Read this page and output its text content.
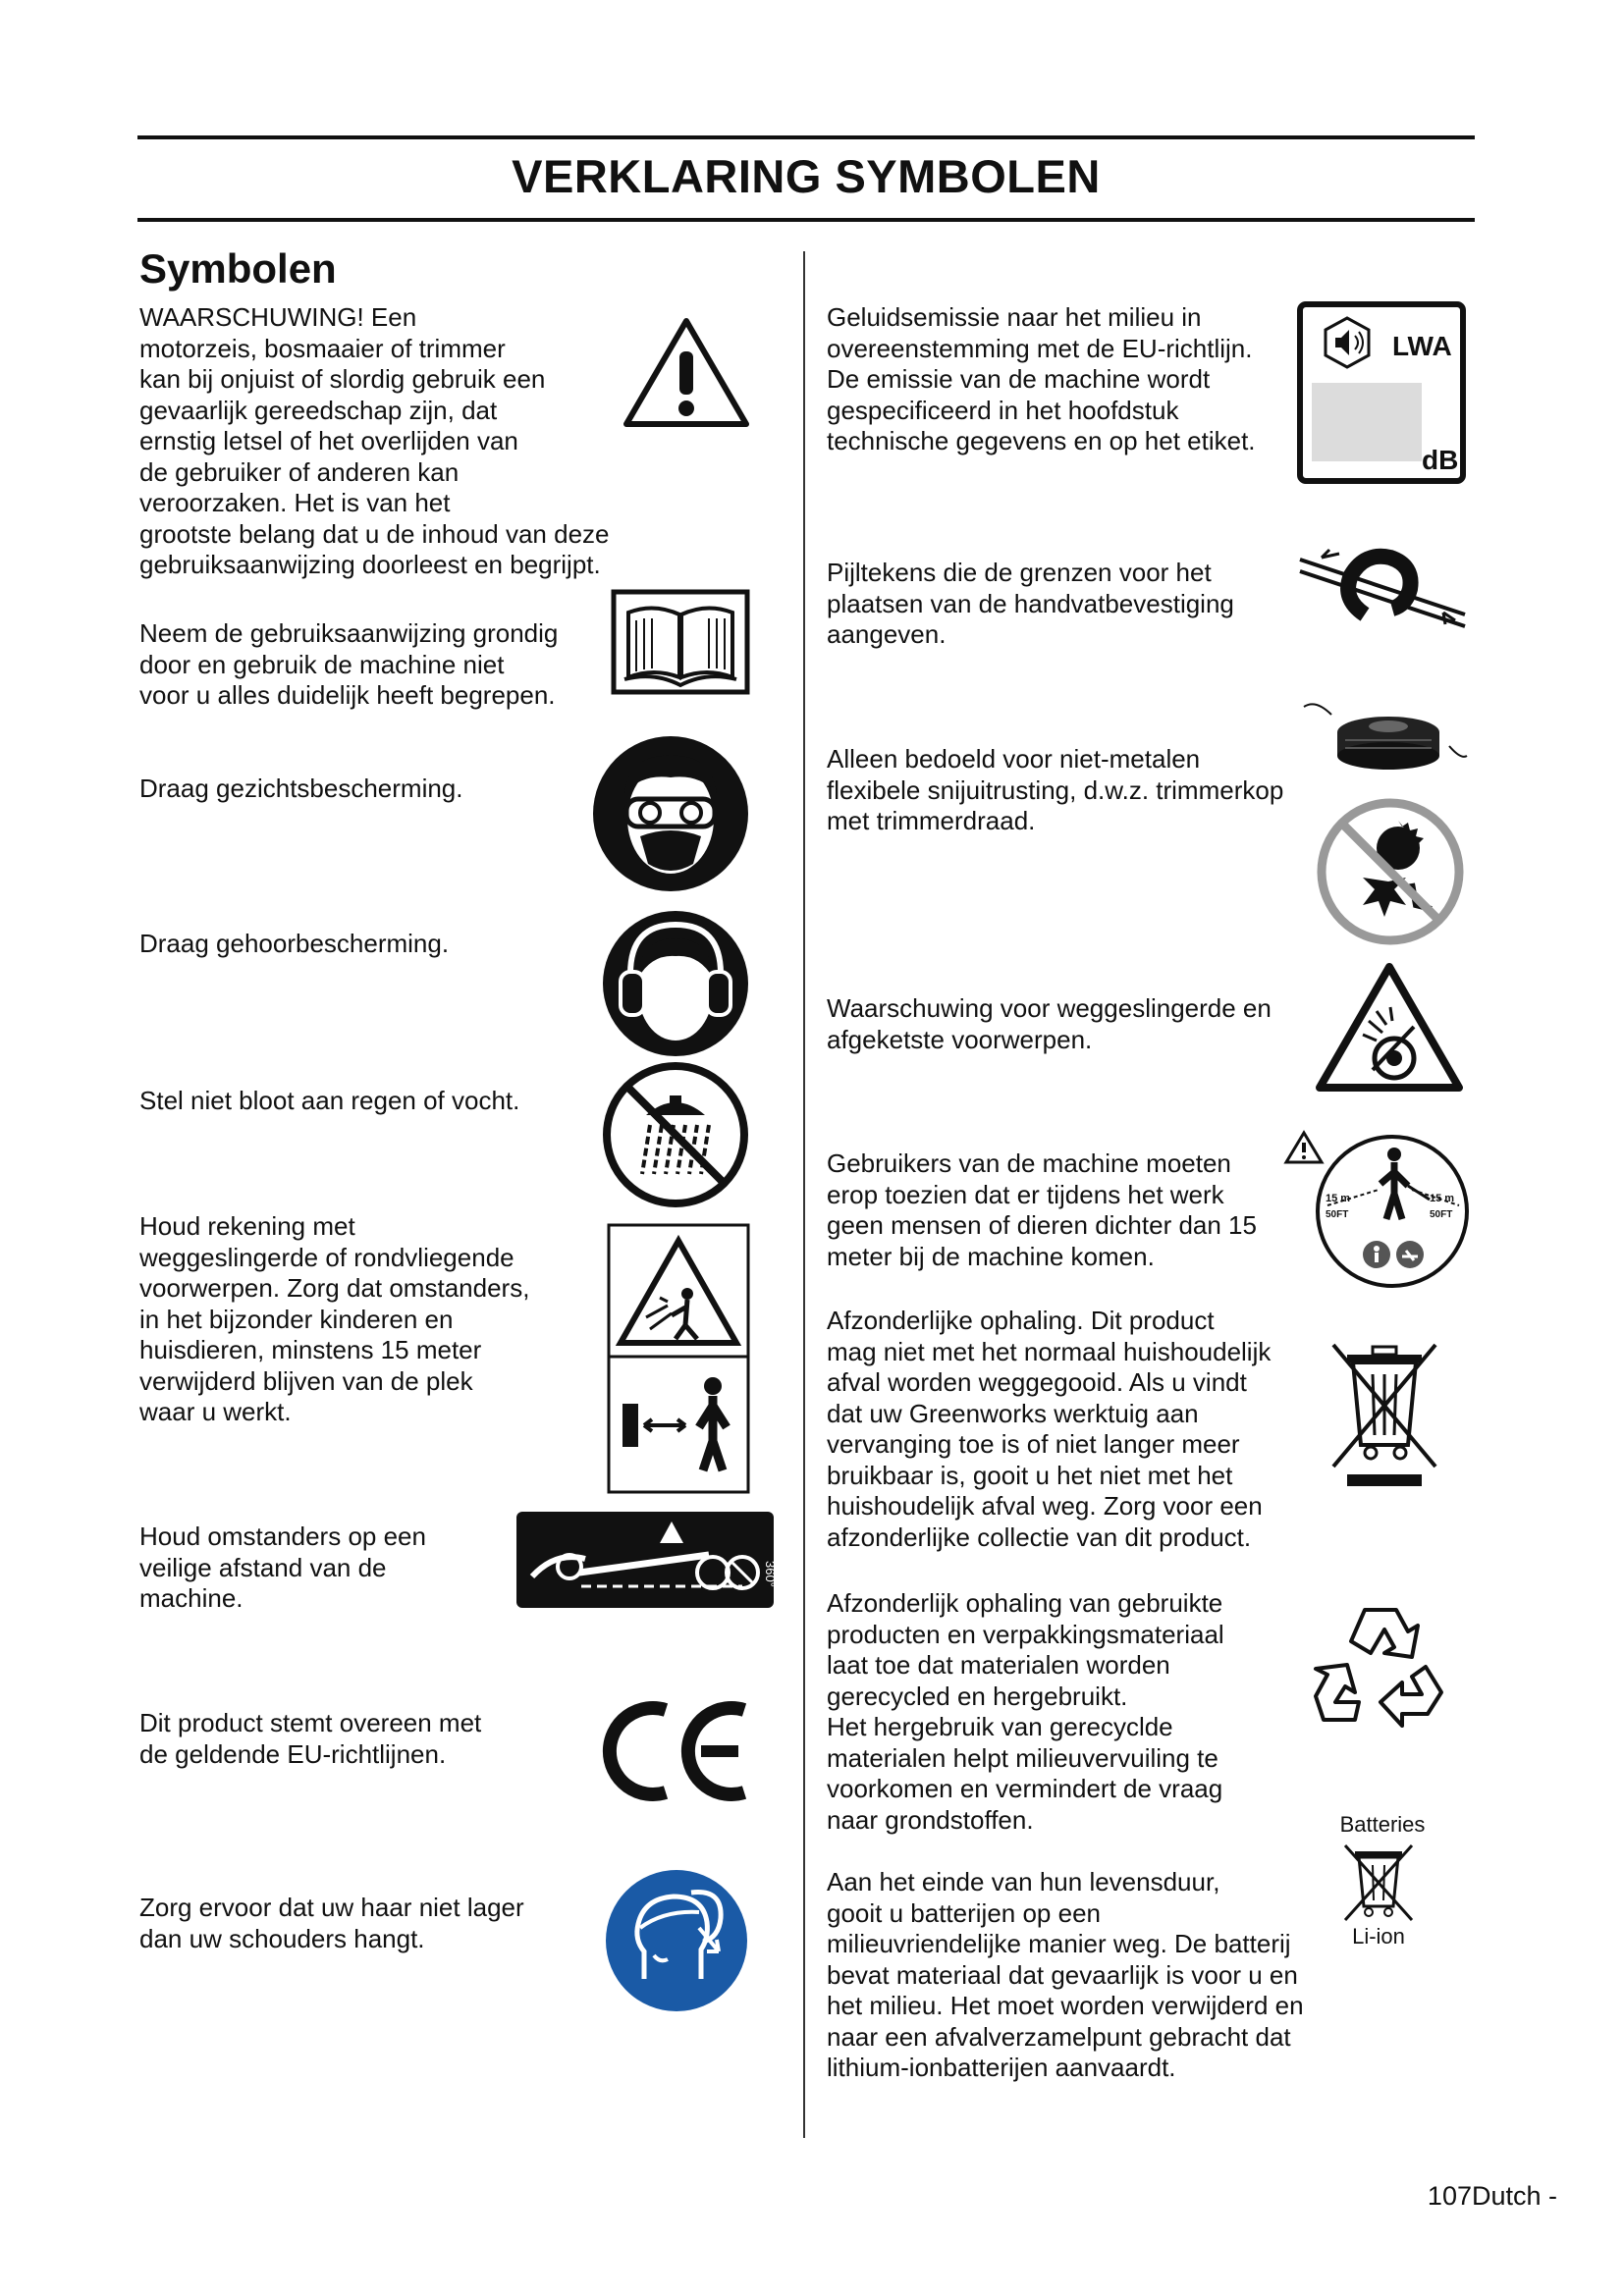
VERKLARING SYMBOLEN
Symbolen
WAARSCHUWING! Een
motorzeis, bosmaaier of trimmer
kan bij onjuist of slordig gebruik een
gevaarlijk gereedschap zijn, dat
ernstig letsel of het overlijden van
de gebruiker of anderen kan
veroorzaken. Het is van het
grootste belang dat u de inhoud van deze
gebruiksaanwijzing doorleest en begrijpt.
Neem de gebruiksaanwijzing grondig
door en gebruik de machine niet
voor u alles duidelijk heeft begrepen.
Draag gezichtsbescherming.
Draag gehoorbescherming.
Stel niet bloot aan regen of vocht.
Houd rekening met
weggeslingerde of rondvliegende
voorwerpen. Zorg dat omstanders,
in het bijzonder kinderen en
huisdieren, minstens 15 meter
verwijderd blijven van de plek
waar u werkt.
Houd omstanders op een
veilige afstand van de
machine.
360°
Dit product stemt overeen met
de geldende EU-richtlijnen.
Zorg ervoor dat uw haar niet lager
dan uw schouders hangt.
Geluidsemissie naar het milieu in
overeenstemming met de EU-richtlijn.
De emissie van de machine wordt
gespecificeerd in het hoofdstuk
technische gegevens en op het etiket.
LWA
dB
Pijltekens die de grenzen voor het
plaatsen van de handvatbevestiging
aangeven.
Alleen bedoeld voor niet-metalen
flexibele snijuitrusting, d.w.z. trimmerkop
met trimmerdraad.
Waarschuwing voor weggeslingerde en
afgeketste voorwerpen.
Gebruikers van de machine moeten
erop toezien dat er tijdens het werk
geen mensen of dieren dichter dan 15
meter bij de machine komen.
15 m
50FT
15 m
50FT
Afzonderlijke ophaling. Dit product
mag niet met het normaal huishoudelijk
afval worden weggegooid. Als u vindt
dat uw Greenworks werktuig aan
vervanging toe is of niet langer meer
bruikbaar is, gooit u het niet met het
huishoudelijk afval weg. Zorg voor een
afzonderlijke collectie van dit product.
Afzonderlijk ophaling van gebruikte
producten en verpakkingsmateriaal
laat toe dat materialen worden
gerecycled en hergebruikt.
Het hergebruik van gerecyclde
materialen helpt milieuvervuiling te
voorkomen en vermindert de vraag
naar grondstoffen.
Aan het einde van hun levensduur,
gooit u batterijen op een
milieuvriendelijke manier weg. De batterij
bevat materiaal dat gevaarlijk is voor u en
het milieu. Het moet worden verwijderd en
naar een afvalverzamelpunt gebracht dat
lithium-ionbatterijen aanvaardt.
Batteries
Li-ion
107Dutch -
